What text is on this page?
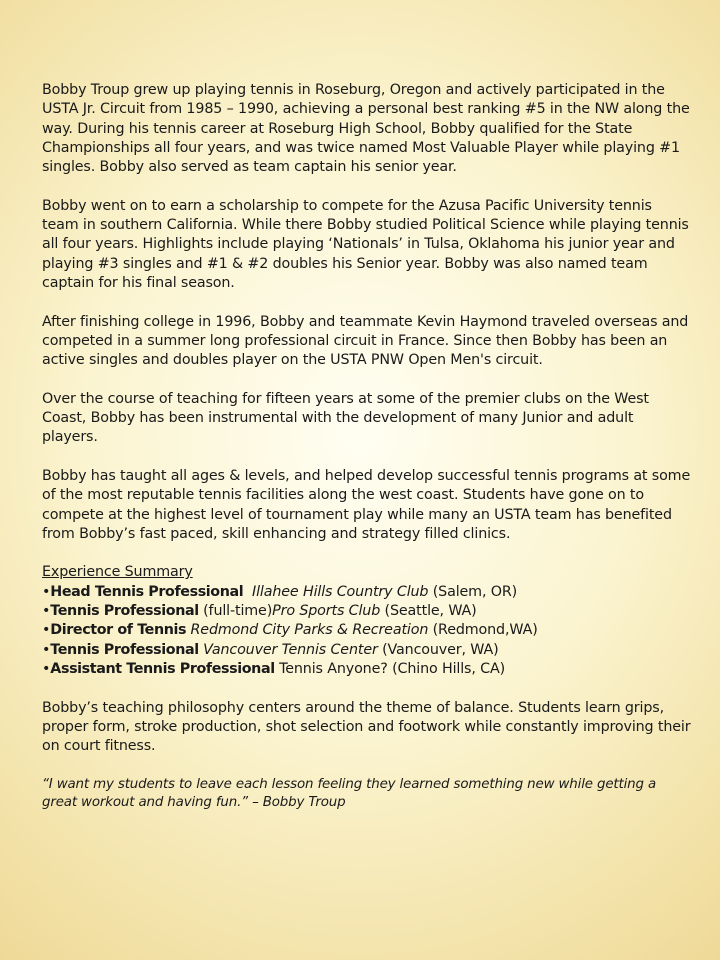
Bobby Troup grew up playing tennis in Roseburg, Oregon and actively participated in the USTA Jr. Circuit from 1985 – 1990, achieving a personal best ranking #5 in the NW along the way. During his tennis career at Roseburg High School, Bobby qualified for the State Championships all four years, and was twice named Most Valuable Player while playing #1 singles. Bobby also served as team captain his senior year.

Bobby went on to earn a scholarship to compete for the Azusa Pacific University tennis team in southern California. While there Bobby studied Political Science while playing tennis all four years. Highlights include playing ‘Nationals’ in Tulsa, Oklahoma his junior year and playing #3 singles and #1 & #2 doubles his Senior year. Bobby was also named team captain for his final season.

After finishing college in 1996, Bobby and teammate Kevin Haymond traveled overseas and competed in a summer long professional circuit in France. Since then Bobby has been an active singles and doubles player on the USTA PNW Open Men's circuit.

Over the course of teaching for fifteen years at some of the premier clubs on the West Coast, Bobby has been instrumental with the development of many Junior and adult players.

Bobby has taught all ages & levels, and helped develop successful tennis programs at some of the most reputable tennis facilities along the west coast. Students have gone on to compete at the highest level of tournament play while many an USTA team has benefited from Bobby’s fast paced, skill enhancing and strategy filled clinics.

Experience Summary

•Head Tennis Professional Illahee Hills Country Club (Salem, OR)
•Tennis Professional (full-time)Pro Sports Club (Seattle, WA)
•Director of Tennis Redmond City Parks & Recreation (Redmond,WA)
•Tennis Professional Vancouver Tennis Center (Vancouver, WA)
•Assistant Tennis Professional Tennis Anyone? (Chino Hills, CA)

Bobby’s teaching philosophy centers around the theme of balance. Students learn grips, proper form, stroke production, shot selection and footwork while constantly improving their on court fitness.

“I want my students to leave each lesson feeling they learned something new while getting a great workout and having fun.” – Bobby Troup
